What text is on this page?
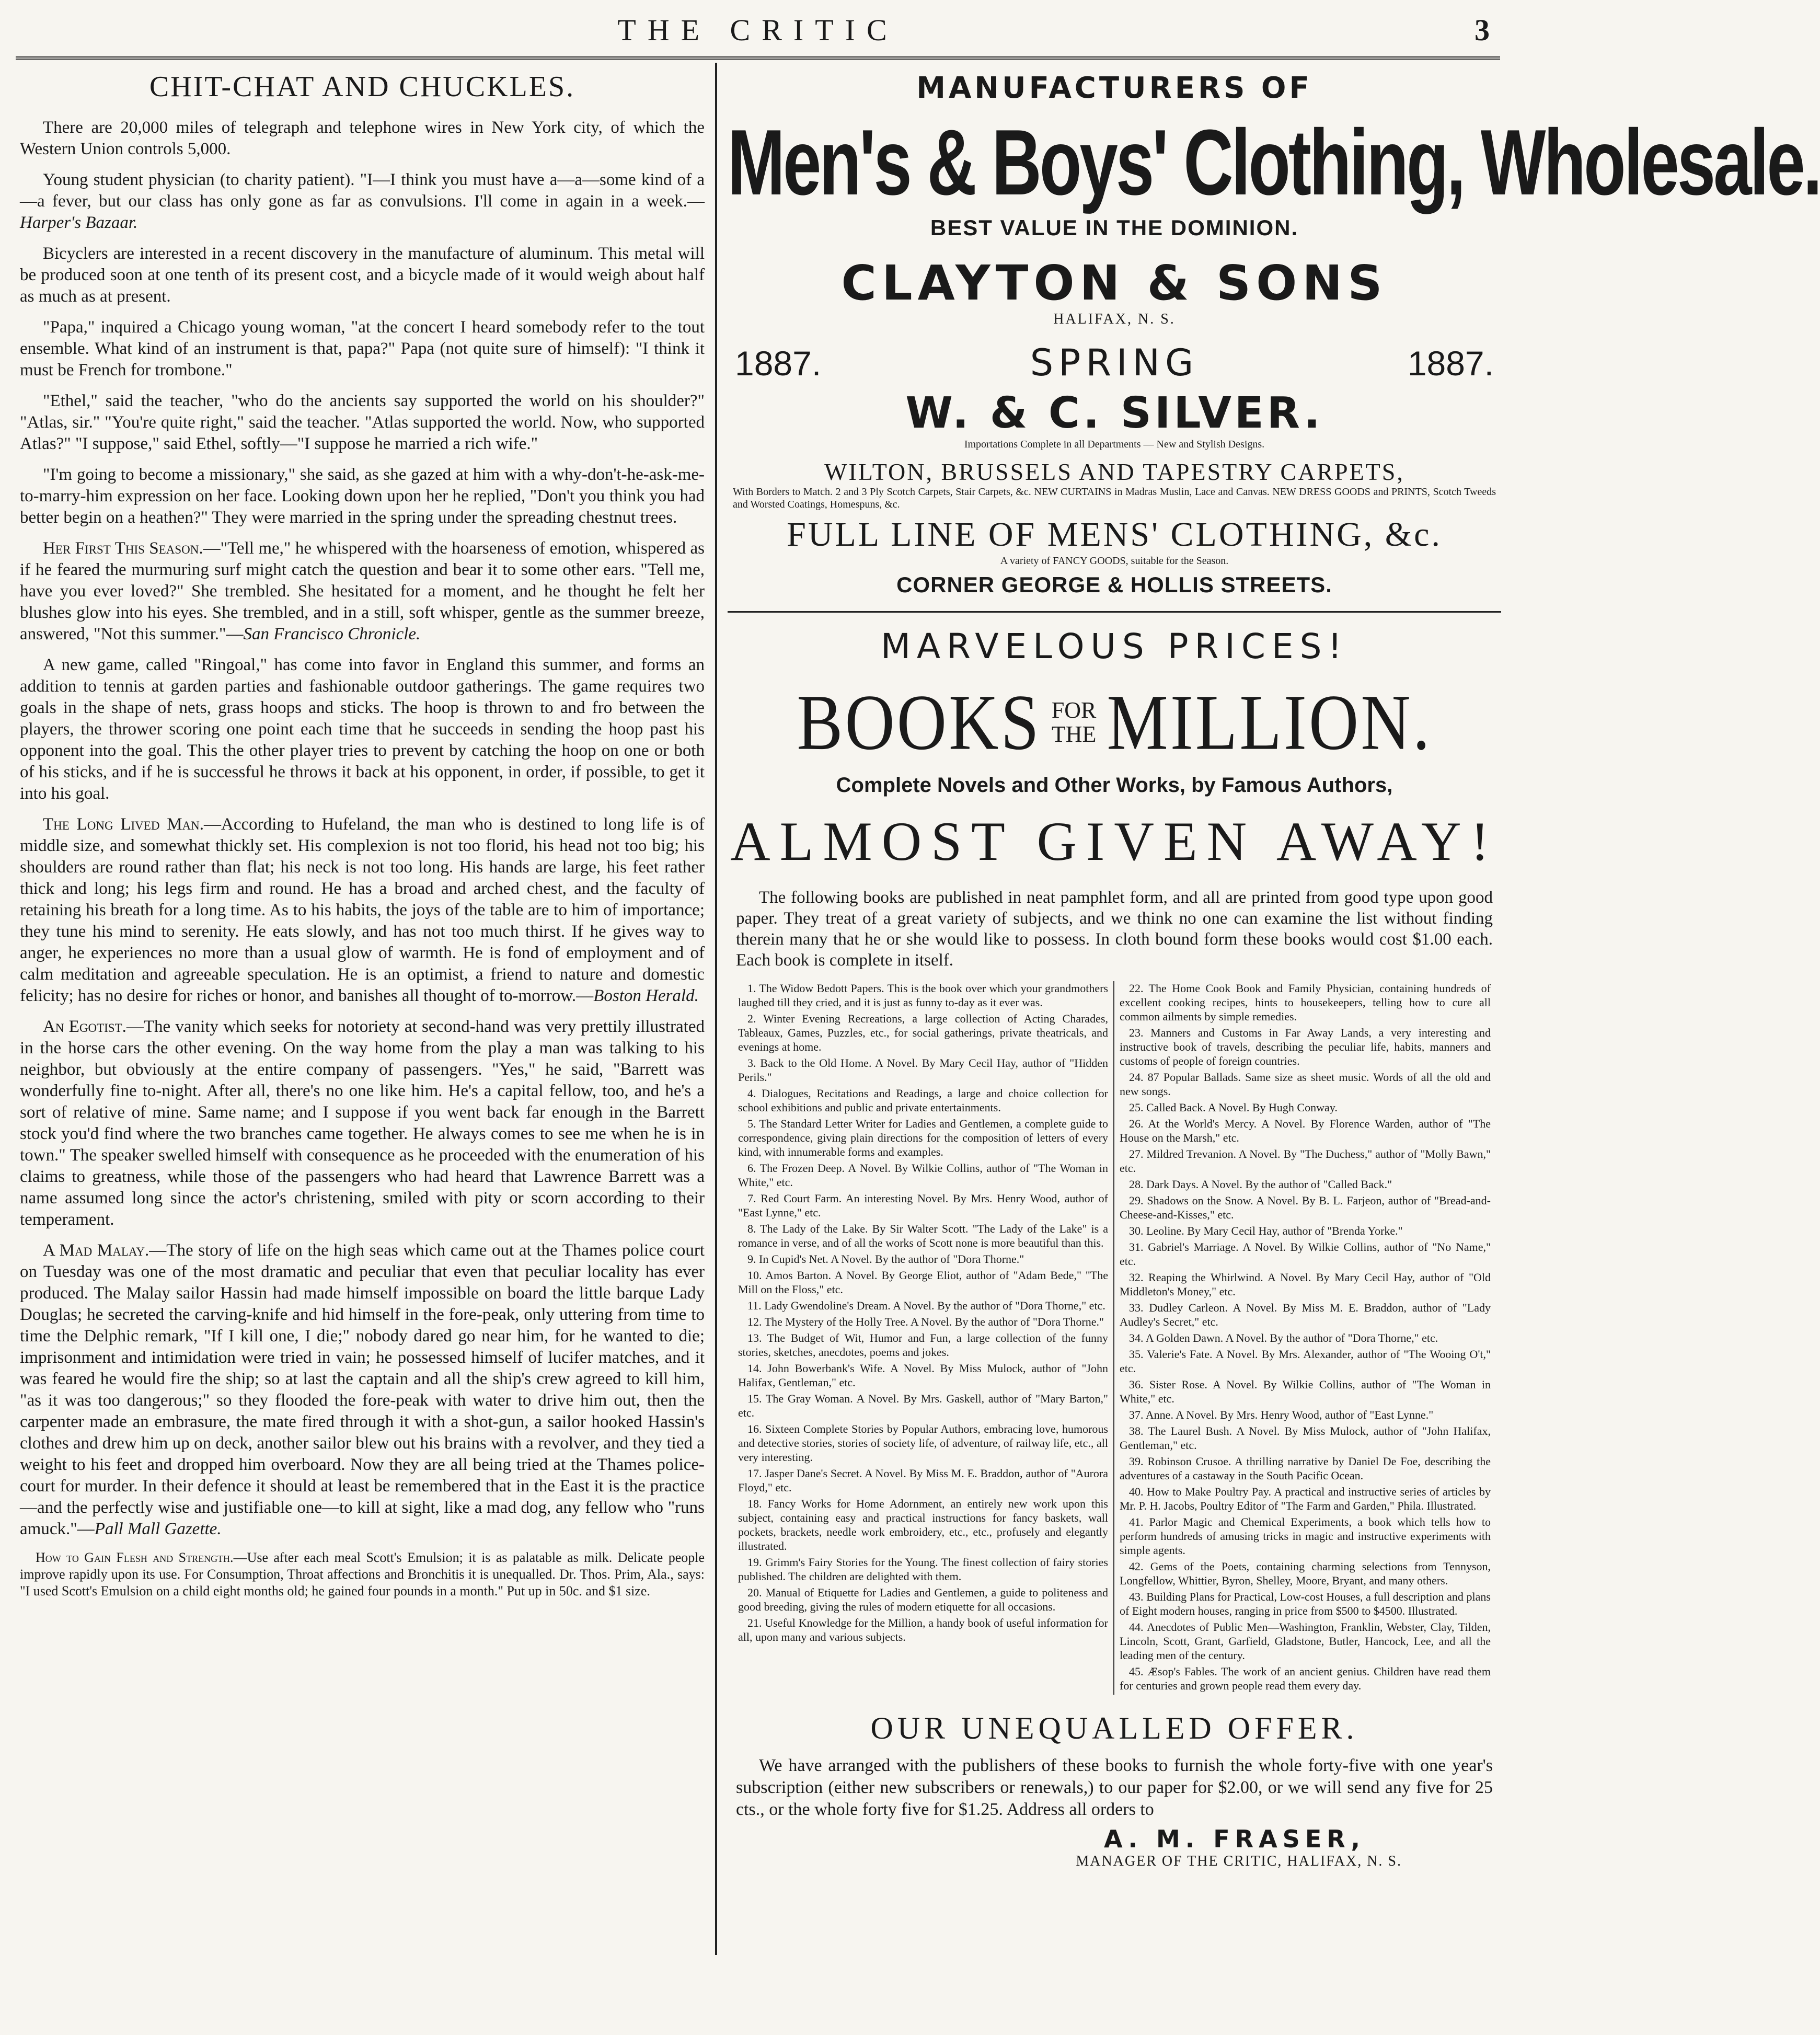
THE CRITIC	3
CHIT-CHAT AND CHUCKLES.

There are 20,000 miles of telegraph and telephone wires in New York city, of which the Western Union controls 5,000.

Young student physician (to charity patient). "I—I think you must have a—a—some kind of a—a fever, but our class has only gone as far as convulsions. I'll come in again in a week.—Harper's Bazaar.

Bicyclers are interested in a recent discovery in the manufacture of aluminum. This metal will be produced soon at one tenth of its present cost, and a bicycle made of it would weigh about half as much as at present.

"Papa," inquired a Chicago young woman, "at the concert I heard somebody refer to the tout ensemble. What kind of an instrument is that, papa?" Papa (not quite sure of himself): "I think it must be French for trombone."

"Ethel," said the teacher, "who do the ancients say supported the world on his shoulder?" "Atlas, sir." "You're quite right," said the teacher. "Atlas supported the world. Now, who supported Atlas?" "I suppose," said Ethel, softly—"I suppose he married a rich wife."

"I'm going to become a missionary," she said, as she gazed at him with a why-don't-he-ask-me-to-marry-him expression on her face. Looking down upon her he replied, "Don't you think you had better begin on a heathen?" They were married in the spring under the spreading chestnut trees.

Her First This Season.—"Tell me," he whispered with the hoarseness of emotion, whispered as if he feared the murmuring surf might catch the question and bear it to some other ears. "Tell me, have you ever loved?" She trembled. She hesitated for a moment, and he thought he felt her blushes glow into his eyes. She trembled, and in a still, soft whisper, gentle as the summer breeze, answered, "Not this summer."—San Francisco Chronicle.

A new game, called "Ringoal," has come into favor in England this summer, and forms an addition to tennis at garden parties and fashionable outdoor gatherings. The game requires two goals in the shape of nets, grass hoops and sticks. The hoop is thrown to and fro between the players, the thrower scoring one point each time that he succeeds in sending the hoop past his opponent into the goal. This the other player tries to prevent by catching the hoop on one or both of his sticks, and if he is successful he throws it back at his opponent, in order, if possible, to get it into his goal.

The Long Lived Man.—According to Hufeland, the man who is destined to long life is of middle size, and somewhat thickly set. His complexion is not too florid, his head not too big; his shoulders are round rather than flat; his neck is not too long. His hands are large, his feet rather thick and long; his legs firm and round. He has a broad and arched chest, and the faculty of retaining his breath for a long time. As to his habits, the joys of the table are to him of importance; they tune his mind to serenity. He eats slowly, and has not too much thirst. If he gives way to anger, he experiences no more than a usual glow of warmth. He is fond of employment and of calm meditation and agreeable speculation. He is an optimist, a friend to nature and domestic felicity; has no desire for riches or honor, and banishes all thought of to-morrow.—Boston Herald.

An Egotist.—The vanity which seeks for notoriety at second-hand was very prettily illustrated in the horse cars the other evening. On the way home from the play a man was talking to his neighbor, but obviously at the entire company of passengers. "Yes," he said, "Barrett was wonderfully fine to-night. After all, there's no one like him. He's a capital fellow, too, and he's a sort of relative of mine. Same name; and I suppose if you went back far enough in the Barrett stock you'd find where the two branches came together. He always comes to see me when he is in town." The speaker swelled himself with consequence as he proceeded with the enumeration of his claims to greatness, while those of the passengers who had heard that Lawrence Barrett was a name assumed long since the actor's christening, smiled with pity or scorn according to their temperament.

A Mad Malay.—The story of life on the high seas which came out at the Thames police court on Tuesday was one of the most dramatic and peculiar that even that peculiar locality has ever produced. The Malay sailor Hassin had made himself impossible on board the little barque Lady Douglas; he secreted the carving-knife and hid himself in the fore-peak, only uttering from time to time the Delphic remark, "If I kill one, I die;" nobody dared go near him, for he wanted to die; imprisonment and intimidation were tried in vain; he possessed himself of lucifer matches, and it was feared he would fire the ship; so at last the captain and all the ship's crew agreed to kill him, "as it was too dangerous;" so they flooded the fore-peak with water to drive him out, then the carpenter made an embrasure, the mate fired through it with a shot-gun, a sailor hooked Hassin's clothes and drew him up on deck, another sailor blew out his brains with a revolver, and they tied a weight to his feet and dropped him overboard. Now they are all being tried at the Thames police-court for murder. In their defence it should at least be remembered that in the East it is the practice—and the perfectly wise and justifiable one—to kill at sight, like a mad dog, any fellow who "runs amuck."—Pall Mall Gazette.

How to Gain Flesh and Strength.—Use after each meal Scott's Emulsion; it is as palatable as milk. Delicate people improve rapidly upon its use. For Consumption, Throat affections and Bronchitis it is unequalled. Dr. Thos. Prim, Ala., says: "I used Scott's Emulsion on a child eight months old; he gained four pounds in a month." Put up in 50c. and $1 size.

MANUFACTURERS OF
Men's & Boys' Clothing, Wholesale.
BEST VALUE IN THE DOMINION.
CLAYTON & SONS
HALIFAX, N. S.
1887.	SPRING	1887.
W. & C. SILVER.
Importations Complete in all Departments — New and Stylish Designs.
WILTON, BRUSSELS AND TAPESTRY CARPETS,
With Borders to Match. 2 and 3 Ply Scotch Carpets, Stair Carpets, &c. NEW CURTAINS in Madras Muslin, Lace and Canvas. NEW DRESS GOODS and PRINTS, Scotch Tweeds and Worsted Coatings, Homespuns, &c.
FULL LINE OF MENS' CLOTHING, &c.
A variety of FANCY GOODS, suitable for the Season.
CORNER GEORGE & HOLLIS STREETS.
MARVELOUS PRICES!
BOOKS FOR
THE MILLION.
Complete Novels and Other Works, by Famous Authors,
ALMOST GIVEN AWAY!

The following books are published in neat pamphlet form, and all are printed from good type upon good paper. They treat of a great variety of subjects, and we think no one can examine the list without finding therein many that he or she would like to possess. In cloth bound form these books would cost $1.00 each. Each book is complete in itself.

1. The Widow Bedott Papers. This is the book over which your grandmothers laughed till they cried, and it is just as funny to-day as it ever was.
2. Winter Evening Recreations, a large collection of Acting Charades, Tableaux, Games, Puzzles, etc., for social gatherings, private theatricals, and evenings at home.
3. Back to the Old Home. A Novel. By Mary Cecil Hay, author of "Hidden Perils."
4. Dialogues, Recitations and Readings, a large and choice collection for school exhibitions and public and private entertainments.
5. The Standard Letter Writer for Ladies and Gentlemen, a complete guide to correspondence, giving plain directions for the composition of letters of every kind, with innumerable forms and examples.
6. The Frozen Deep. A Novel. By Wilkie Collins, author of "The Woman in White," etc.
7. Red Court Farm. An interesting Novel. By Mrs. Henry Wood, author of "East Lynne," etc.
8. The Lady of the Lake. By Sir Walter Scott. "The Lady of the Lake" is a romance in verse, and of all the works of Scott none is more beautiful than this.
9. In Cupid's Net. A Novel. By the author of "Dora Thorne."
10. Amos Barton. A Novel. By George Eliot, author of "Adam Bede," "The Mill on the Floss," etc.
11. Lady Gwendoline's Dream. A Novel. By the author of "Dora Thorne," etc.
12. The Mystery of the Holly Tree. A Novel. By the author of "Dora Thorne."
13. The Budget of Wit, Humor and Fun, a large collection of the funny stories, sketches, anecdotes, poems and jokes.
14. John Bowerbank's Wife. A Novel. By Miss Mulock, author of "John Halifax, Gentleman," etc.
15. The Gray Woman. A Novel. By Mrs. Gaskell, author of "Mary Barton," etc.
16. Sixteen Complete Stories by Popular Authors, embracing love, humorous and detective stories, stories of society life, of adventure, of railway life, etc., all very interesting.
17. Jasper Dane's Secret. A Novel. By Miss M. E. Braddon, author of "Aurora Floyd," etc.
18. Fancy Works for Home Adornment, an entirely new work upon this subject, containing easy and practical instructions for fancy baskets, wall pockets, brackets, needle work embroidery, etc., etc., profusely and elegantly illustrated.
19. Grimm's Fairy Stories for the Young. The finest collection of fairy stories published. The children are delighted with them.
20. Manual of Etiquette for Ladies and Gentlemen, a guide to politeness and good breeding, giving the rules of modern etiquette for all occasions.
21. Useful Knowledge for the Million, a handy book of useful information for all, upon many and various subjects.
22. The Home Cook Book and Family Physician, containing hundreds of excellent cooking recipes, hints to housekeepers, telling how to cure all common ailments by simple remedies.
23. Manners and Customs in Far Away Lands, a very interesting and instructive book of travels, describing the peculiar life, habits, manners and customs of people of foreign countries.
24. 87 Popular Ballads. Same size as sheet music. Words of all the old and new songs.
25. Called Back. A Novel. By Hugh Conway.
26. At the World's Mercy. A Novel. By Florence Warden, author of "The House on the Marsh," etc.
27. Mildred Trevanion. A Novel. By "The Duchess," author of "Molly Bawn," etc.
28. Dark Days. A Novel. By the author of "Called Back."
29. Shadows on the Snow. A Novel. By B. L. Farjeon, author of "Bread-and-Cheese-and-Kisses," etc.
30. Leoline. By Mary Cecil Hay, author of "Brenda Yorke."
31. Gabriel's Marriage. A Novel. By Wilkie Collins, author of "No Name," etc.
32. Reaping the Whirlwind. A Novel. By Mary Cecil Hay, author of "Old Middleton's Money," etc.
33. Dudley Carleon. A Novel. By Miss M. E. Braddon, author of "Lady Audley's Secret," etc.
34. A Golden Dawn. A Novel. By the author of "Dora Thorne," etc.
35. Valerie's Fate. A Novel. By Mrs. Alexander, author of "The Wooing O't," etc.
36. Sister Rose. A Novel. By Wilkie Collins, author of "The Woman in White," etc.
37. Anne. A Novel. By Mrs. Henry Wood, author of "East Lynne."
38. The Laurel Bush. A Novel. By Miss Mulock, author of "John Halifax, Gentleman," etc.
39. Robinson Crusoe. A thrilling narrative by Daniel De Foe, describing the adventures of a castaway in the South Pacific Ocean.
40. How to Make Poultry Pay. A practical and instructive series of articles by Mr. P. H. Jacobs, Poultry Editor of "The Farm and Garden," Phila. Illustrated.
41. Parlor Magic and Chemical Experiments, a book which tells how to perform hundreds of amusing tricks in magic and instructive experiments with simple agents.
42. Gems of the Poets, containing charming selections from Tennyson, Longfellow, Whittier, Byron, Shelley, Moore, Bryant, and many others.
43. Building Plans for Practical, Low-cost Houses, a full description and plans of Eight modern houses, ranging in price from $500 to $4500. Illustrated.
44. Anecdotes of Public Men—Washington, Franklin, Webster, Clay, Tilden, Lincoln, Scott, Grant, Garfield, Gladstone, Butler, Hancock, Lee, and all the leading men of the century.
45. Æsop's Fables. The work of an ancient genius. Children have read them for centuries and grown people read them every day.
OUR UNEQUALLED OFFER.

We have arranged with the publishers of these books to furnish the whole forty-five with one year's subscription (either new subscribers or renewals,) to our paper for $2.00, or we will send any five for 25 cts., or the whole forty five for $1.25. Address all orders to

A. M. FRASER,
MANAGER OF THE CRITIC, HALIFAX, N. S.
